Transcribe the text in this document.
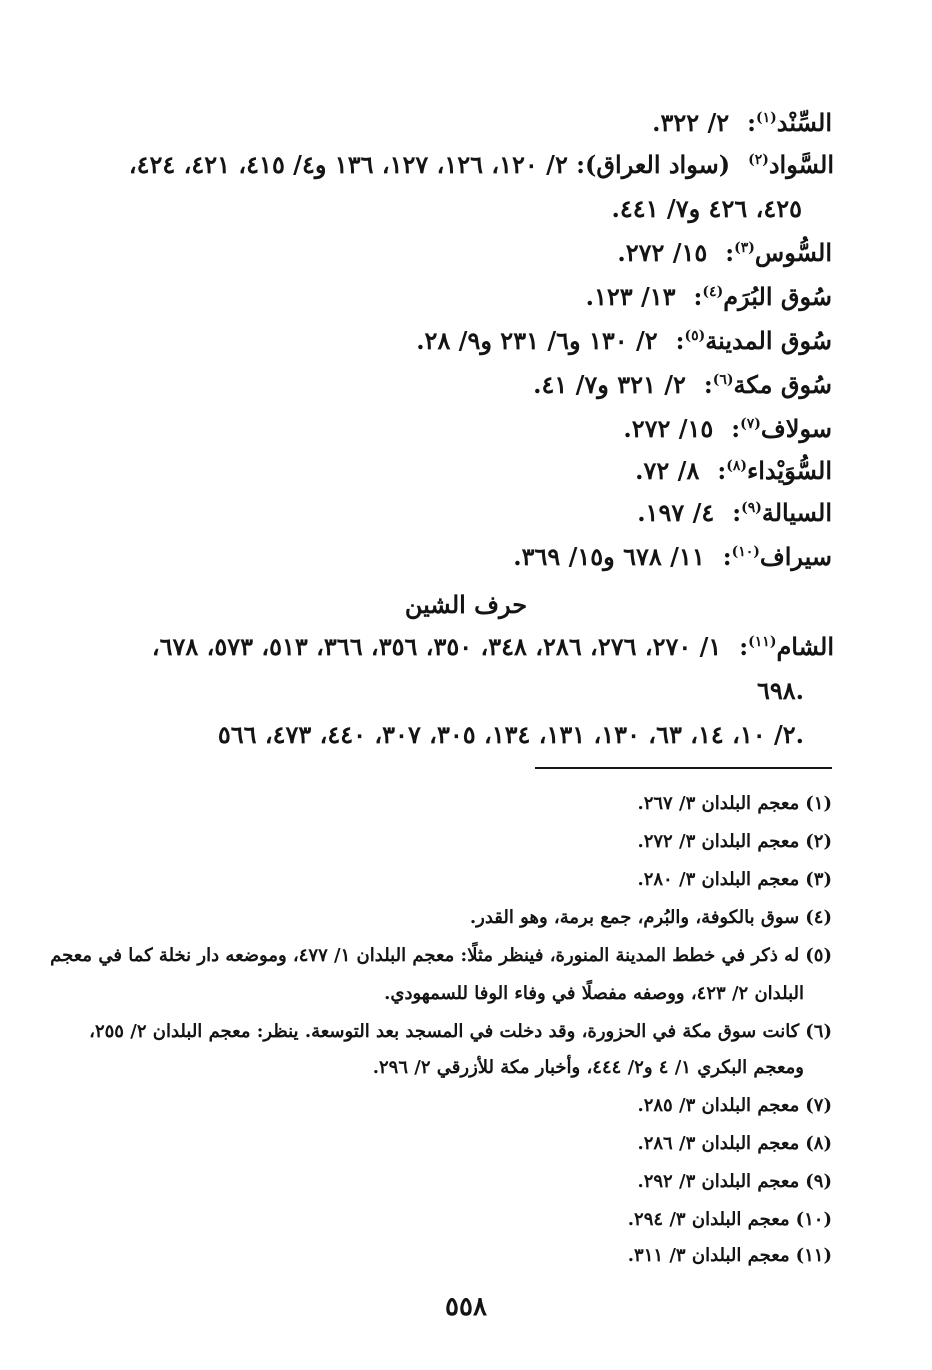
السِّنْد$^{(١)}$:٢/ ٣٢٢.
السَّواد$^{(٢)}$(سواد العراق): ٢/ ١٢٠، ١٢٦، ١٢٧، ١٣٦ و٤/ ٤١٥، ٤٢١، ٤٢٤،
٤٢٥، ٤٢٦ و٧/ ٤٤١.
السُّوس$^{(٣)}$:١٥/ ٢٧٢.
سُوق البُرَم$^{(٤)}$:١٣/ ١٢٣.
سُوق المدينة$^{(٥)}$:٢/ ١٣٠ و٦/ ٢٣١ و٩/ ٢٨.
سُوق مكة$^{(٦)}$:٢/ ٣٢١ و٧/ ٤١.
سولاف$^{(٧)}$:١٥/ ٢٧٢.
السُّوَيْداء$^{(٨)}$:٨/ ٧٢.
السيالة$^{(٩)}$:٤/ ١٩٧.
سيراف$^{(١٠)}$:١١/ ٦٧٨ و١٥/ ٣٦٩.
حرف الشين
الشام$^{(١١)}$:١/ ٢٧٠، ٢٧٦، ٢٨٦، ٣٤٨، ٣٥٠، ٣٥٦، ٣٦٦، ٥١٣، ٥٧٣، ٦٧٨،
٦٩٨.
٢/ ١٠، ١٤، ٦٣، ١٣٠، ١٣١، ١٣٤، ٣٠٥، ٣٠٧، ٤٤٠، ٤٧٣، ٥٦٦.
(١)معجم البلدان ٣/ ٢٦٧.
(٢)معجم البلدان ٣/ ٢٧٢.
(٣)معجم البلدان ٣/ ٢٨٠.
(٤)سوق بالكوفة، والبُرم، جمع برمة، وهو القدر.
(٥)له ذكر في خطط المدينة المنورة، فينظر مثلًا: معجم البلدان ١/ ٤٧٧، وموضعه دار نخلة كما في معجم
البلدان ٢/ ٤٢٣، ووصفه مفصلًا في وفاء الوفا للسمهودي.
(٦)كانت سوق مكة في الحزورة، وقد دخلت في المسجد بعد التوسعة. ينظر: معجم البلدان ٢/ ٢٥٥،
ومعجم البكري ١/ ٤ و٢/ ٤٤٤، وأخبار مكة للأزرقي ٢/ ٢٩٦.
(٧)معجم البلدان ٣/ ٢٨٥.
(٨)معجم البلدان ٣/ ٢٨٦.
(٩)معجم البلدان ٣/ ٢٩٢.
(١٠)معجم البلدان ٣/ ٢٩٤.
(١١)معجم البلدان ٣/ ٣١١.
٥٥٨
